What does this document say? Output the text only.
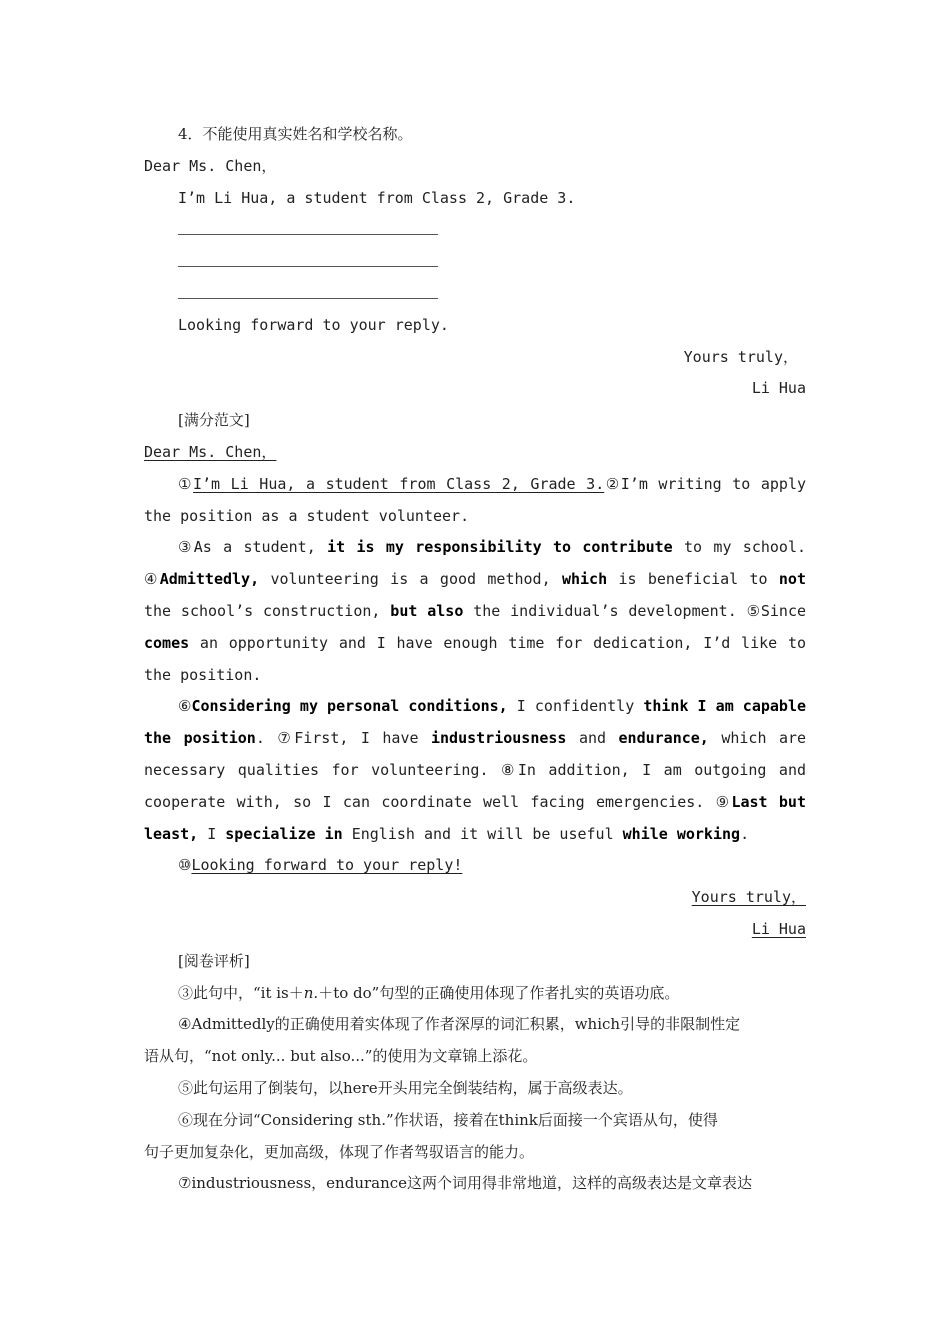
4．不能使用真实姓名和学校名称。
Dear Ms. Chen，
I’m Li Hua, a student from Class 2, Grade 3.
Looking forward to your reply.
Yours truly，
Li Hua
[满分范文]
Dear Ms. Chen，
①I’m Li Hua, a student from Class 2, Grade 3.②I’m writing to apply
the position as a student volunteer.
③As a student, it is my responsibility to contribute to my school.
④Admittedly, volunteering is a good method, which is beneficial to not
the school’s construction, but also the individual’s development. ⑤Since
comes an opportunity and I have enough time for dedication, I’d like to
the position.
⑥Considering my personal conditions, I confidently think I am capable
the position. ⑦First, I have industriousness and endurance, which are
necessary qualities for volunteering. ⑧In addition, I am outgoing and
cooperate with, so I can coordinate well facing emergencies. ⑨Last but
least, I specialize in English and it will be useful while working.
⑩Looking forward to your reply!
Yours truly，
Li Hua
[阅卷评析]
③此句中，“it is＋n.＋to do”句型的正确使用体现了作者扎实的英语功底。
④Admittedly的正确使用着实体现了作者深厚的词汇积累，which引导的非限制性定
语从句，“not only... but also...”的使用为文章锦上添花。
⑤此句运用了倒装句，以here开头用完全倒装结构，属于高级表达。
⑥现在分词“Considering sth.”作状语，接着在think后面接一个宾语从句，使得
句子更加复杂化，更加高级，体现了作者驾驭语言的能力。
⑦industriousness，endurance这两个词用得非常地道，这样的高级表达是文章表达
